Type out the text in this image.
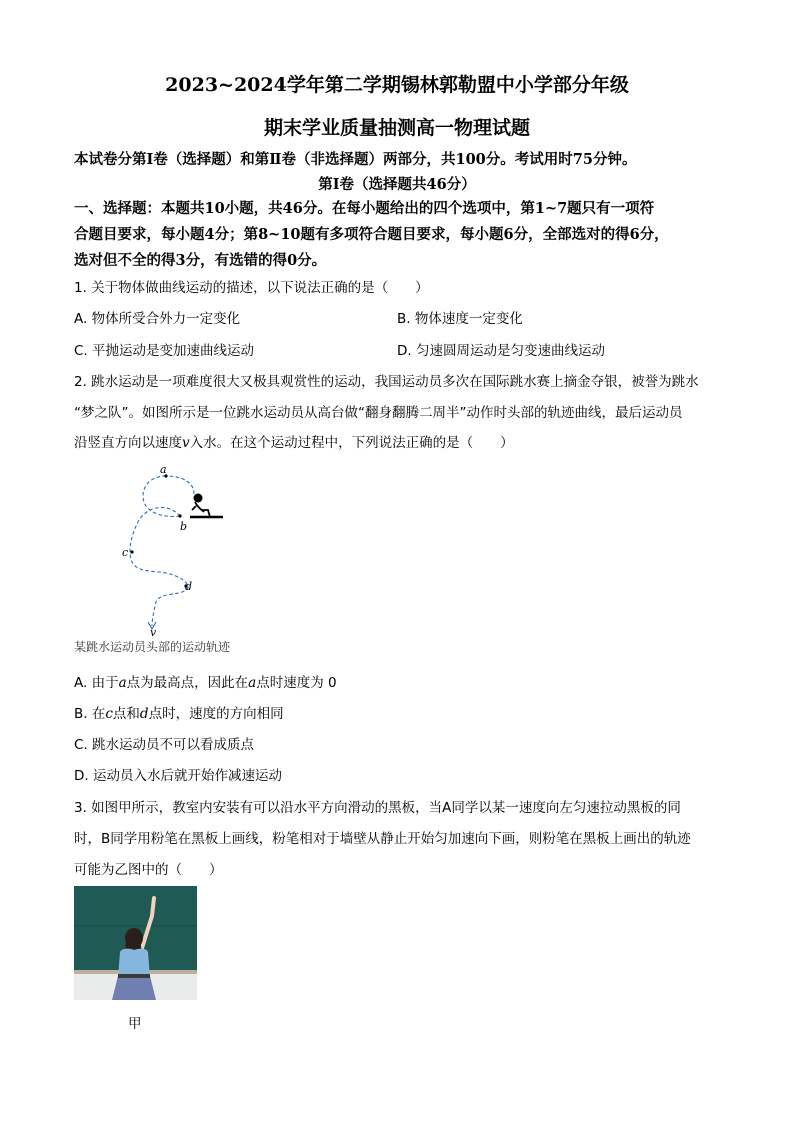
2023~2024学年第二学期锡林郭勒盟中小学部分年级
期末学业质量抽测高一物理试题
本试卷分第Ⅰ卷（选择题）和第Ⅱ卷（非选择题）两部分，共100分。考试用时75分钟。
第Ⅰ卷（选择题共46分）
一、选择题：本题共10小题，共46分。在每小题给出的四个选项中，第1~7题只有一项符
合题目要求，每小题4分；第8~10题有多项符合题目要求，每小题6分，全部选对的得6分，
选对但不全的得3分，有选错的得0分。
1. 关于物体做曲线运动的描述，以下说法正确的是（　　）
A. 物体所受合外力一定变化	B. 物体速度一定变化
C. 平抛运动是变加速曲线运动	D. 匀速圆周运动是匀变速曲线运动
2. 跳水运动是一项难度很大又极具观赏性的运动，我国运动员多次在国际跳水赛上摘金夺银，被誉为跳水
“梦之队”。如图所示是一位跳水运动员从高台做“翻身翻腾二周半”动作时头部的轨迹曲线，最后运动员
沿竖直方向以速度v入水。在这个运动过程中，下列说法正确的是（　　）
a
b
c
d
v
某跳水运动员头部的运动轨迹
A. 由于a点为最高点，因此在a点时速度为 0
B. 在c点和d点时，速度的方向相同
C. 跳水运动员不可以看成质点
D. 运动员入水后就开始作减速运动
3. 如图甲所示，教室内安装有可以沿水平方向滑动的黑板，当A同学以某一速度向左匀速拉动黑板的同
时，B同学用粉笔在黑板上画线，粉笔相对于墙壁从静止开始匀加速向下画，则粉笔在黑板上画出的轨迹
可能为乙图中的（　　）
甲
